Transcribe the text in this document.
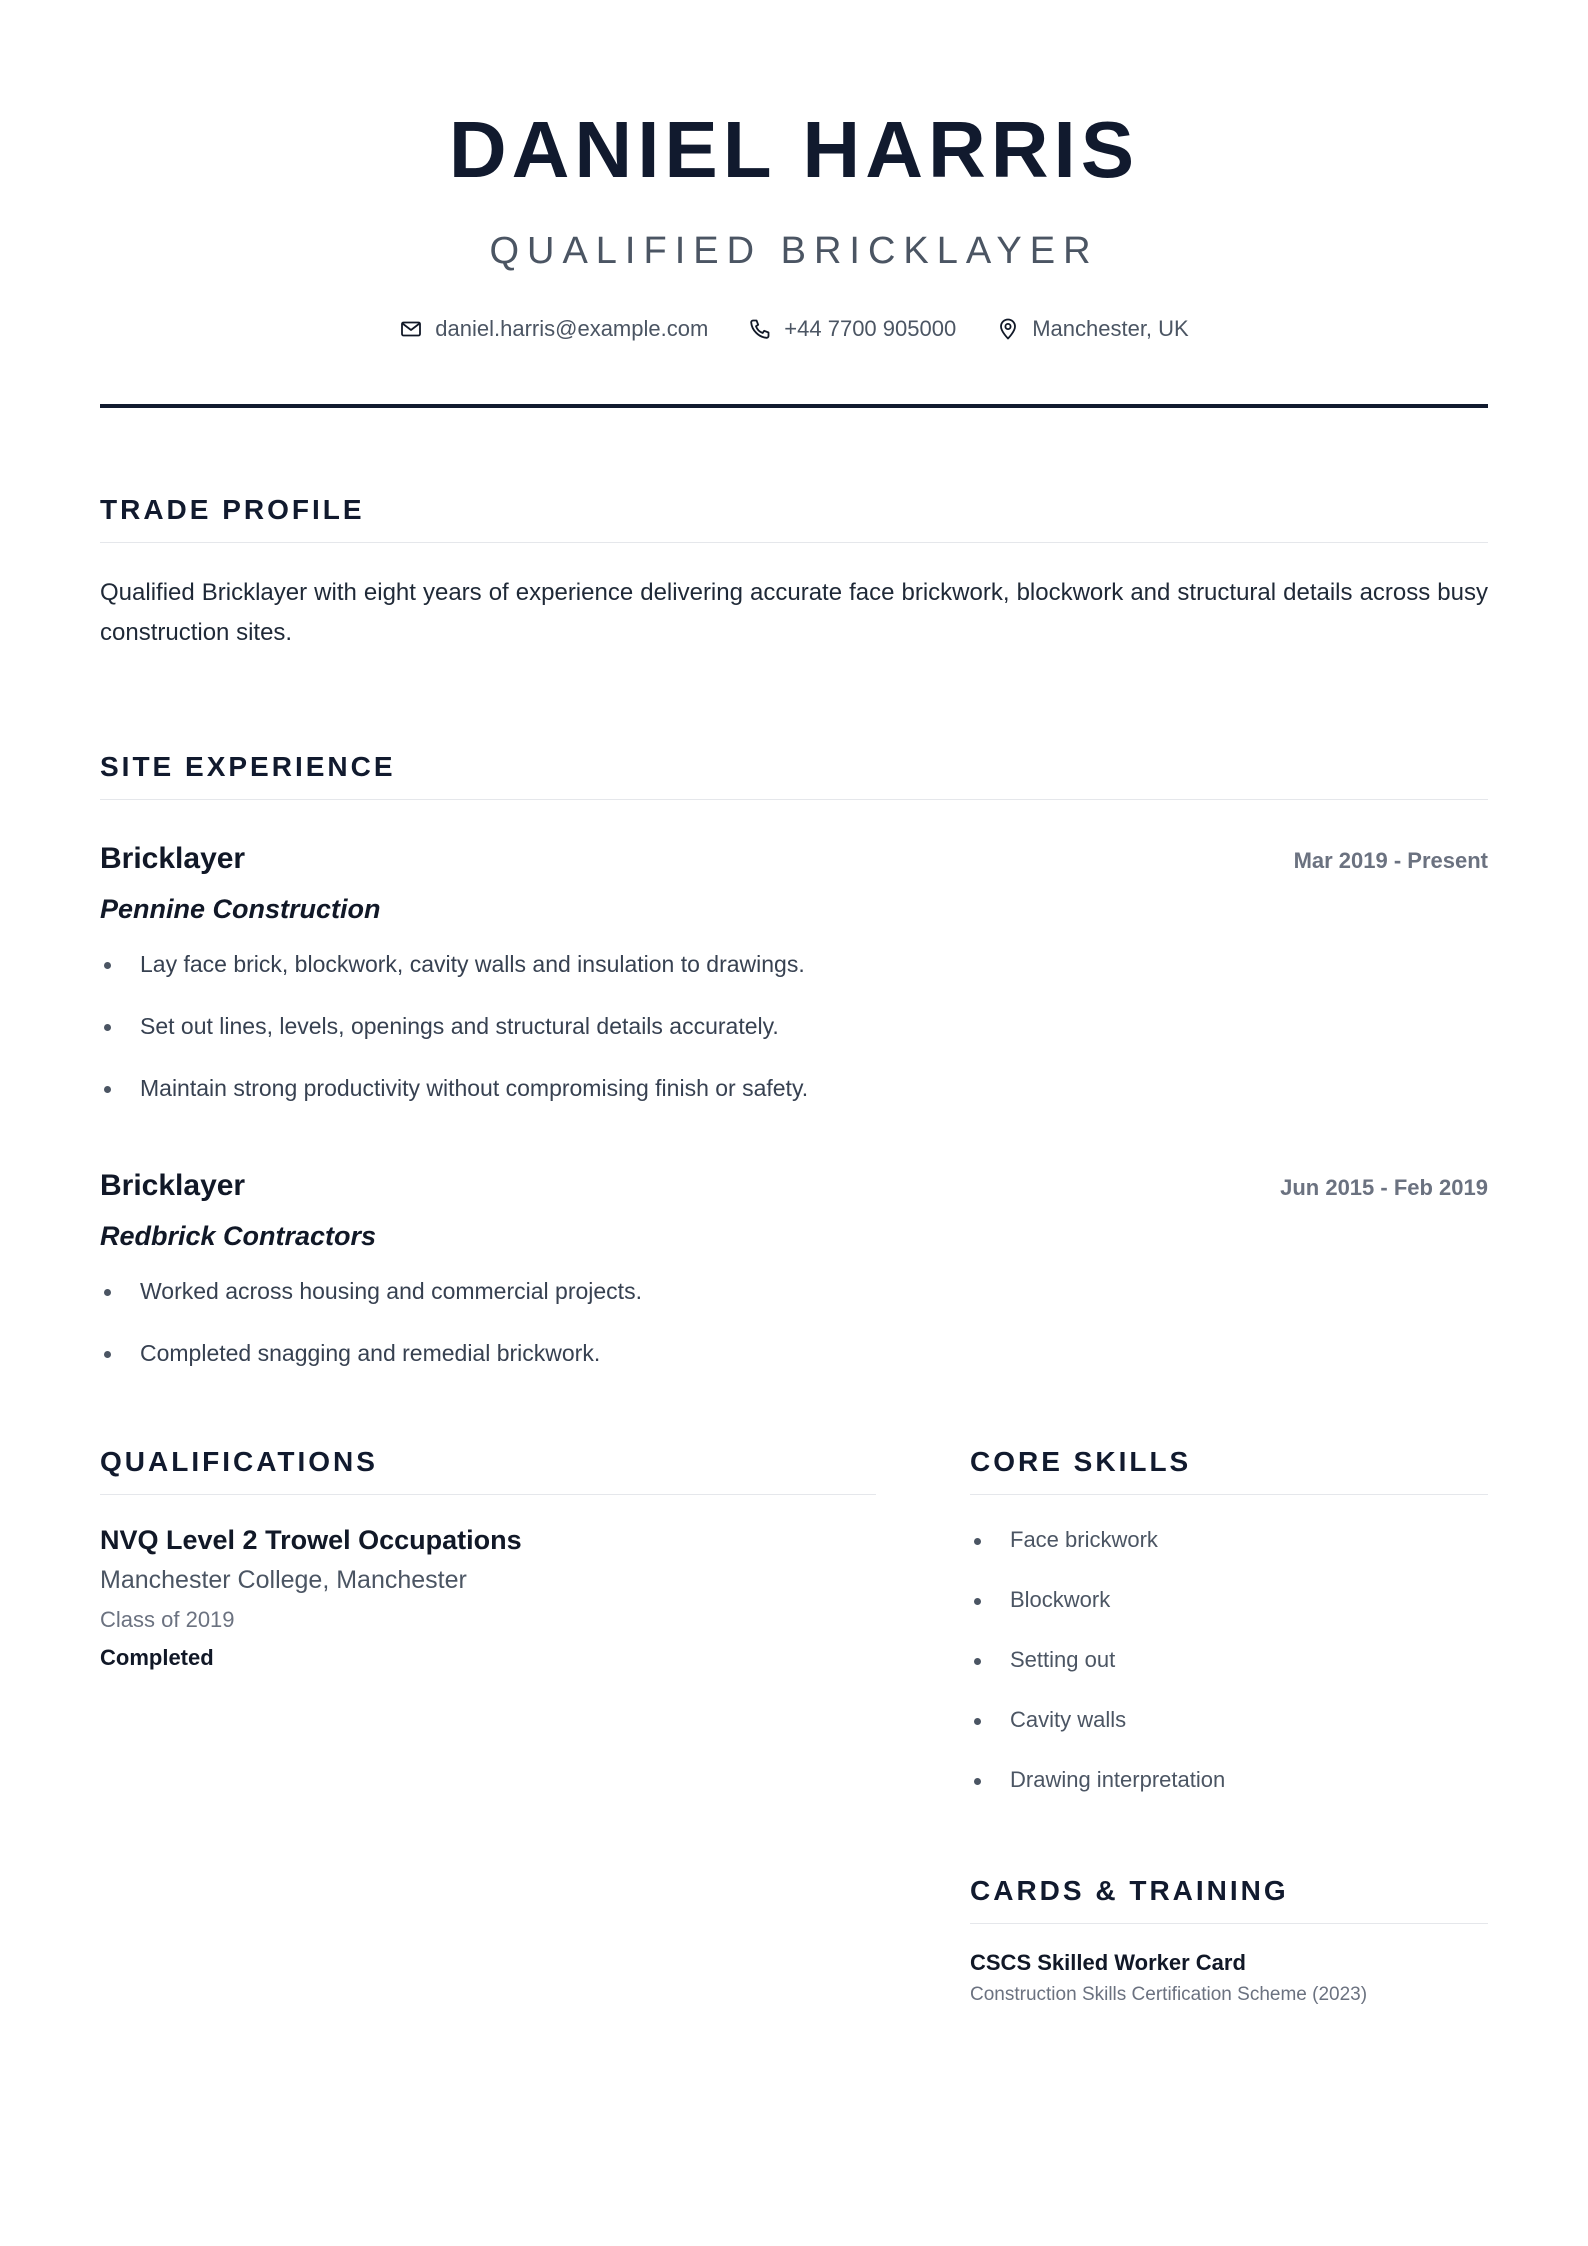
DANIEL HARRIS
QUALIFIED BRICKLAYER
daniel.harris@example.com	+44 7700 905000	Manchester, UK
TRADE PROFILE

Qualified Bricklayer with eight years of experience delivering accurate face brickwork, blockwork and structural details across busy construction sites.

SITE EXPERIENCE
Bricklayer	Mar 2019 - Present
Pennine Construction
Lay face brick, blockwork, cavity walls and insulation to drawings.
Set out lines, levels, openings and structural details accurately.
Maintain strong productivity without compromising finish or safety.
Bricklayer	Jun 2015 - Feb 2019
Redbrick Contractors
Worked across housing and commercial projects.
Completed snagging and remedial brickwork.
QUALIFICATIONS
NVQ Level 2 Trowel Occupations
Manchester College, Manchester
Class of 2019
Completed
CORE SKILLS
Face brickwork
Blockwork
Setting out
Cavity walls
Drawing interpretation
CARDS & TRAINING
CSCS Skilled Worker Card
Construction Skills Certification Scheme (2023)
